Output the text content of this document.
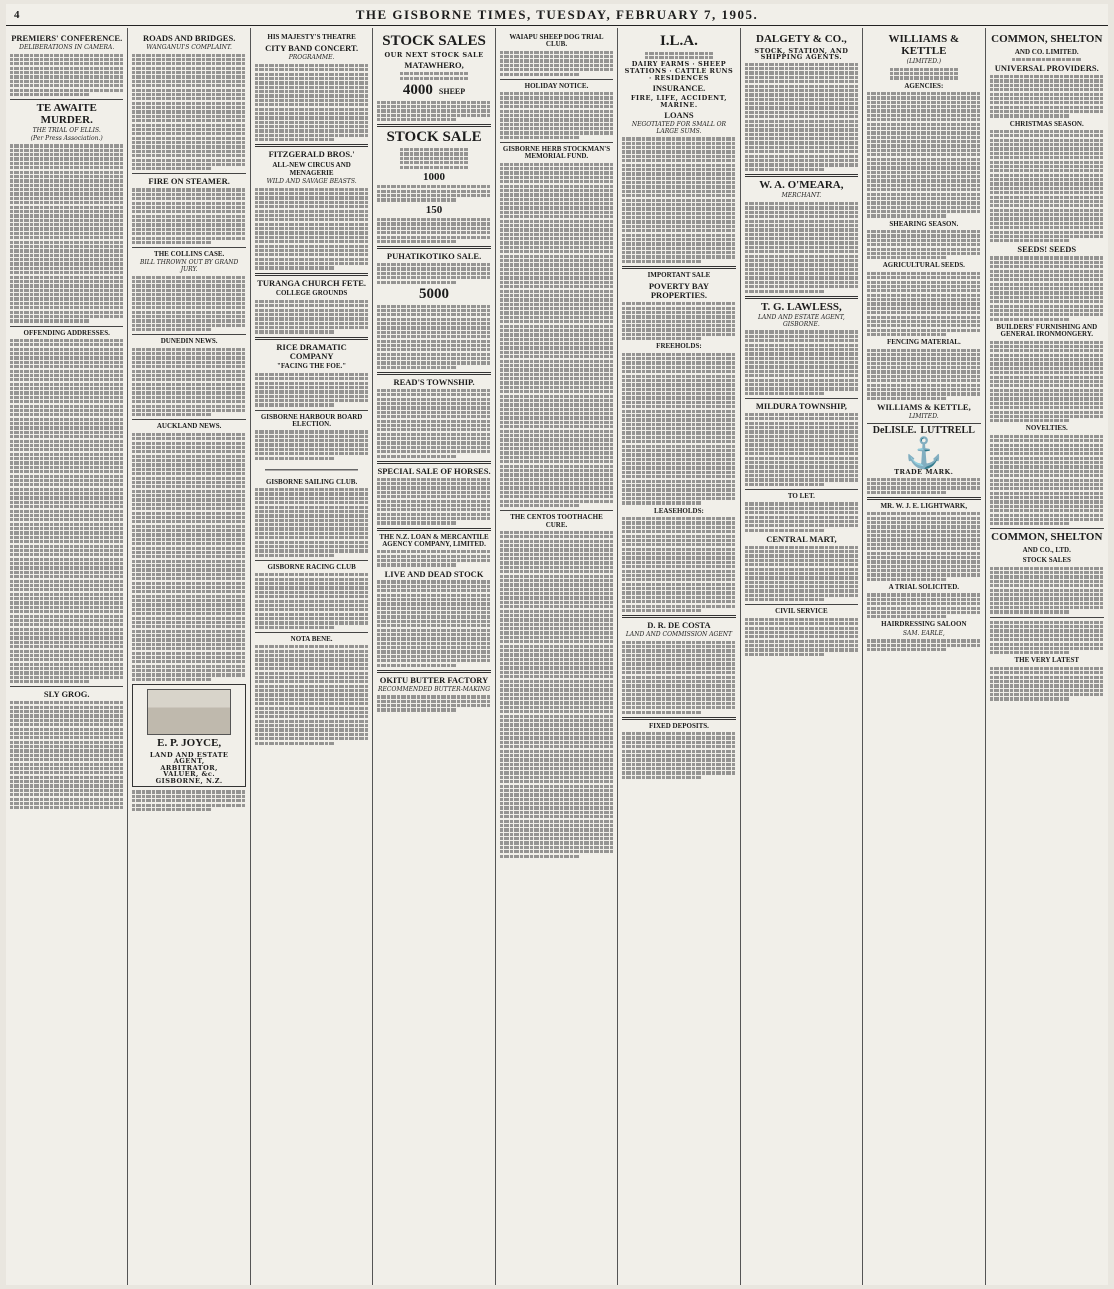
4	THE GISBORNE TIMES, TUESDAY, FEBRUARY 7, 1905.
PREMIERS' CONFERENCE.
DELIBERATIONS IN CAMERA.
TE AWAITE MURDER.
THE TRIAL OF ELLIS.
(Per Press Association.)
OFFENDING ADDRESSES.
SLY GROG.
ROADS AND BRIDGES.
WANGANUI'S COMPLAINT.
FIRE ON STEAMER.
THE COLLINS CASE.
BILL THROWN OUT BY GRAND JURY.
DUNEDIN NEWS.
AUCKLAND NEWS.
E. P. JOYCE,
LAND AND ESTATE AGENT,
ARBITRATOR,
VALUER, &c.
GISBORNE, N.Z.
HIS MAJESTY'S THEATRE
CITY BAND CONCERT.
PROGRAMME.
FITZGERALD BROS.'
ALL-NEW CIRCUS AND MENAGERIE
WILD AND SAVAGE BEASTS.
TURANGA CHURCH FETE.
COLLEGE GROUNDS
RICE DRAMATIC COMPANY
"FACING THE FOE."
GISBORNE HARBOUR BOARD ELECTION.
GISBORNE SAILING CLUB.
GISBORNE RACING CLUB
NOTA BENE.
STOCK SALES
OUR NEXT STOCK SALE
MATAWHERO,
4000 SHEEP
STOCK SALE
1000
150
PUHATIKOTIKO SALE.
5000
READ'S TOWNSHIP.
SPECIAL SALE OF HORSES.
THE N.Z. LOAN & MERCANTILE AGENCY COMPANY, LIMITED.
LIVE AND DEAD STOCK
OKITU BUTTER FACTORY
RECOMMENDED BUTTER-MAKING
WAIAPU SHEEP DOG TRIAL CLUB.
HOLIDAY NOTICE.
GISBORNE HERB STOCKMAN'S MEMORIAL FUND.
THE CENTOS TOOTHACHE CURE.
I.L.A.
DAIRY FARMS · SHEEP STATIONS · CATTLE RUNS · RESIDENCES
INSURANCE.
FIRE, LIFE, ACCIDENT, MARINE.
LOANS
NEGOTIATED FOR SMALL OR LARGE SUMS.
IMPORTANT SALE
POVERTY BAY PROPERTIES.
FREEHOLDS:
LEASEHOLDS:
D. R. DE COSTA
LAND AND COMMISSION AGENT
FIXED DEPOSITS.
DALGETY & CO.,
STOCK, STATION, AND SHIPPING AGENTS.
W. A. O'MEARA,
MERCHANT.
T. G. LAWLESS,
LAND AND ESTATE AGENT, GISBORNE.
MILDURA TOWNSHIP,
TO LET.
CENTRAL MART,
CIVIL SERVICE
WILLIAMS & KETTLE
(LIMITED.)
AGENCIES:
SHEARING SEASON.
AGRICULTURAL SEEDS.
FENCING MATERIAL.
WILLIAMS & KETTLE,
LIMITED.
DeLISLE. LUTTRELL
⚓
TRADE MARK.
MR. W. J. E. LIGHTWARK,
A TRIAL SOLICITED.
HAIRDRESSING SALOON
SAM. EARLE,
COMMON, SHELTON
AND CO. LIMITED.
UNIVERSAL PROVIDERS.
CHRISTMAS SEASON.
SEEDS! SEEDS
BUILDERS' FURNISHING AND GENERAL IRONMONGERY.
NOVELTIES.
COMMON, SHELTON
AND CO., LTD.
STOCK SALES
THE VERY LATEST
